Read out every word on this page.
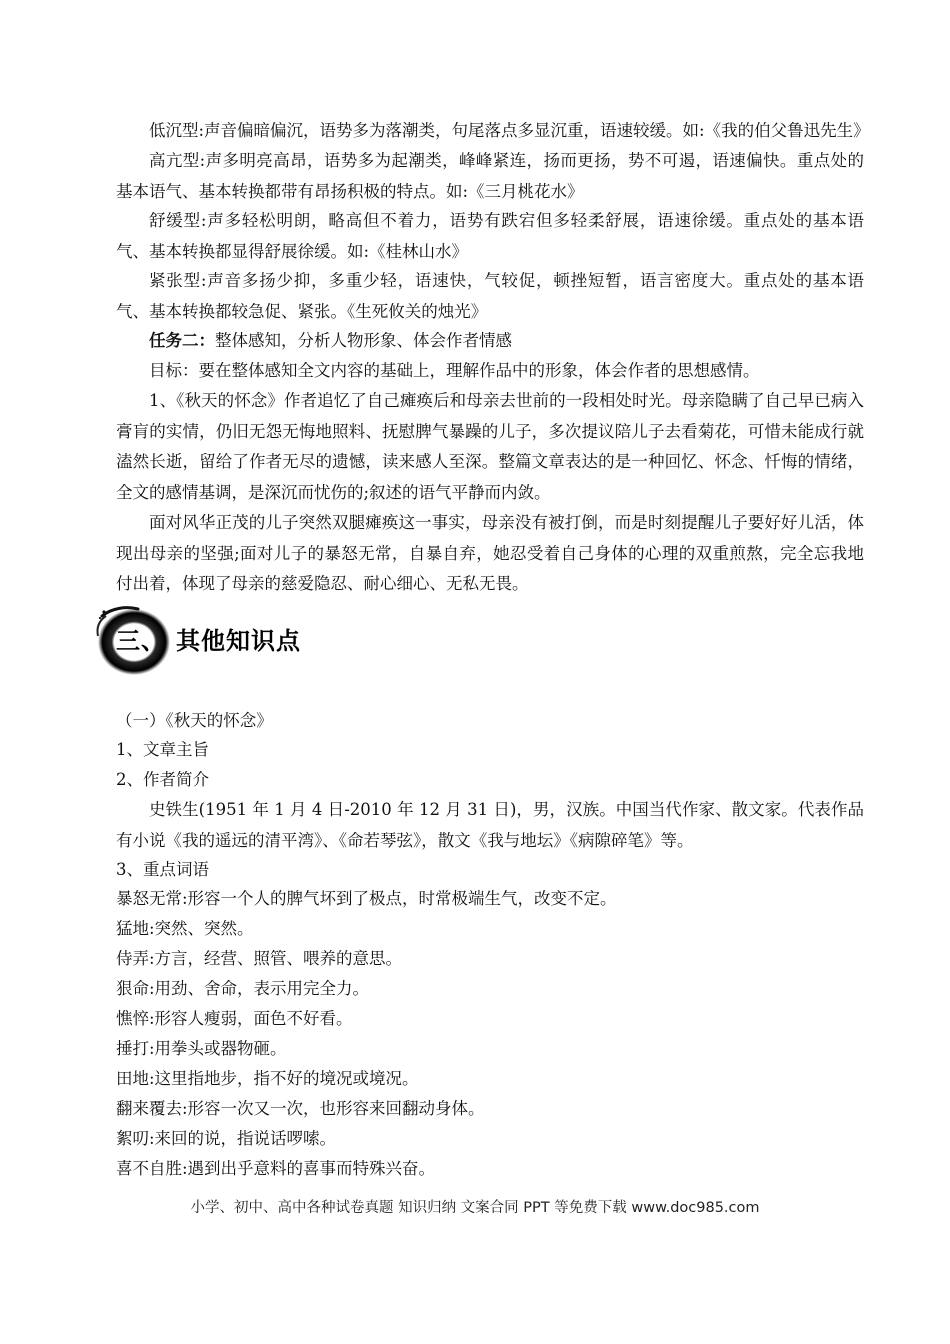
低沉型:声音偏暗偏沉，语势多为落潮类，句尾落点多显沉重，语速较缓。如:《我的伯父鲁迅先生》

高亢型:声多明亮高昂，语势多为起潮类，峰峰紧连，扬而更扬，势不可遏，语速偏快。重点处的基本语气、基本转换都带有昂扬积极的特点。如:《三月桃花水》

舒缓型:声多轻松明朗，略高但不着力，语势有跌宕但多轻柔舒展，语速徐缓。重点处的基本语气、基本转换都显得舒展徐缓。如:《桂林山水》

紧张型:声音多扬少抑，多重少轻，语速快，气较促，顿挫短暂，语言密度大。重点处的基本语气、基本转换都较急促、紧张。《生死攸关的烛光》

任务二：整体感知，分析人物形象、体会作者情感

目标：要在整体感知全文内容的基础上，理解作品中的形象，体会作者的思想感情。

1、《秋天的怀念》作者追忆了自己瘫痪后和母亲去世前的一段相处时光。母亲隐瞒了自己早已病入膏肓的实情，仍旧无怨无悔地照料、抚慰脾气暴躁的儿子，多次提议陪儿子去看菊花，可惜未能成行就溘然长逝，留给了作者无尽的遗憾，读来感人至深。整篇文章表达的是一种回忆、怀念、忏悔的情绪，全文的感情基调，是深沉而忧伤的;叙述的语气平静而内敛。

面对风华正茂的儿子突然双腿瘫痪这一事实，母亲没有被打倒，而是时刻提醒儿子要好好儿活，体现出母亲的坚强;面对儿子的暴怒无常，自暴自弃，她忍受着自己身体的心理的双重煎熬，完全忘我地付出着，体现了母亲的慈爱隐忍、耐心细心、无私无畏。

三、 其他知识点

（一）《秋天的怀念》

1、文章主旨

2、作者简介

史铁生(1951 年 1 月 4 日-2010 年 12 月 31 日)，男，汉族。中国当代作家、散文家。代表作品有小说《我的遥远的清平湾》、《命若琴弦》，散文《我与地坛》《病隙碎笔》等。

3、重点词语

暴怒无常:形容一个人的脾气坏到了极点，时常极端生气，改变不定。

猛地:突然、突然。

侍弄:方言，经营、照管、喂养的意思。

狠命:用劲、舍命，表示用完全力。

憔悴:形容人瘦弱，面色不好看。

捶打:用拳头或器物砸。

田地:这里指地步，指不好的境况或境况。

翻来覆去:形容一次又一次，也形容来回翻动身体。

絮叨:来回的说，指说话啰嗦。

喜不自胜:遇到出乎意料的喜事而特殊兴奋。

小学、初中、高中各种试卷真题 知识归纳 文案合同 PPT 等免费下载 www.doc985.com
